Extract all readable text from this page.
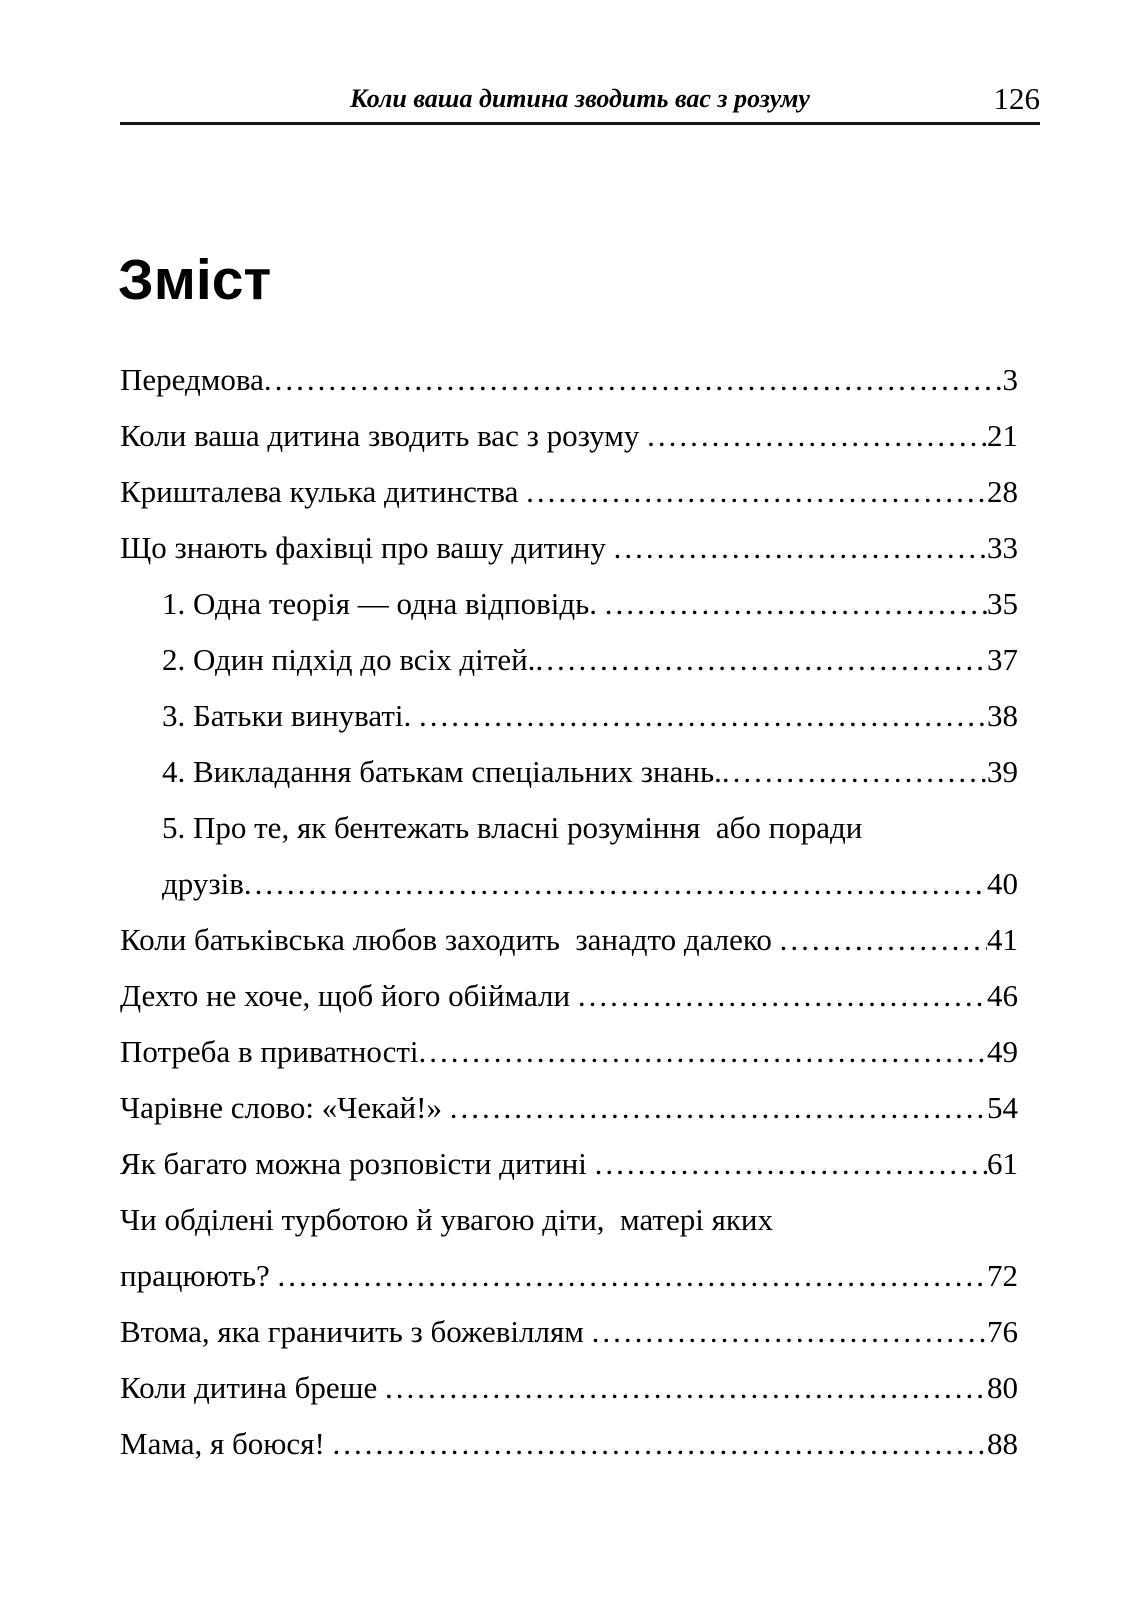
Коли ваша дитина зводить вас з розуму	126
Зміст
Передмова .....	3
Коли ваша дитина зводить вас з розуму .....	21
Кришталева кулька дитинства .....	28
Що знають фахівці про вашу дитину .....	33
1. Одна теорія — одна відповідь. .....	35
2. Один підхід до всіх дітей. .....	37
3. Батьки винуваті. .....	38
4. Викладання батькам спеціальних знань. .....	39
5. Про те, як бентежать власні розуміння  або поради
друзів .....	40
Коли батьківська любов заходить  занадто далеко .....	41
Дехто не хоче, щоб його обіймали .....	46
Потреба в приватності .....	49
Чарівне слово: «Чекай!» .....	54
Як багато можна розповісти дитині .....	61
Чи обділені турботою й увагою діти,  матері яких
працюють? .....	72
Втома, яка граничить з божевіллям .....	76
Коли дитина бреше .....	80
Мама, я боюся! .....	88
